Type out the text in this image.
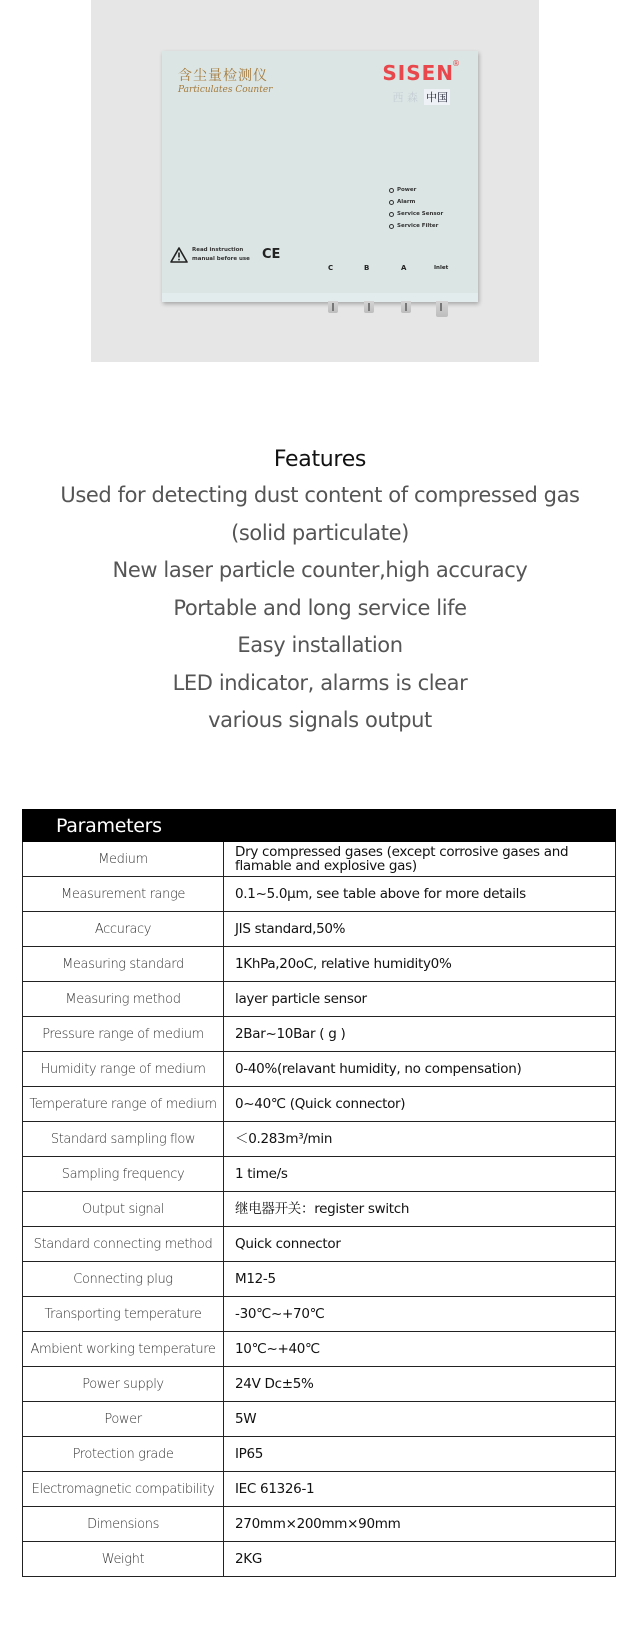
含尘量检测仪
Particulates Counter
SISEN
®
西 森 中国
Power
Alarm
Service Sensor
Service Filter
Read instruction
manual before use CE
C	B	A	Inlet
Features
Used for detecting dust content of compressed gas
(solid particulate)
New laser particle counter,high accuracy
Portable and long service life
Easy installation
LED indicator, alarms is clear
various signals output
Parameters
Medium	Dry compressed gases (except corrosive gases and flamable and explosive gas)
Measurement range	0.1~5.0μm, see table above for more details
Accuracy	JIS standard,50%
Measuring standard	1KhPa,20oC, relative humidity0%
Measuring method	layer particle sensor
Pressure range of medium	2Bar~10Bar ( g )
Humidity range of medium	0-40%(relavant humidity, no compensation)
Temperature range of medium	0~40℃ (Quick connector)
Standard sampling flow	＜0.283m³/min
Sampling frequency	1 time/s
Output signal	继电器开关：register switch
Standard connecting method	Quick connector
Connecting plug	M12-5
Transporting temperature	-30℃~+70℃
Ambient working temperature	10℃~+40℃
Power supply	24V Dc±5%
Power	5W
Protection grade	IP65
Electromagnetic compatibility	IEC 61326-1
Dimensions	270mm×200mm×90mm
Weight	2KG
